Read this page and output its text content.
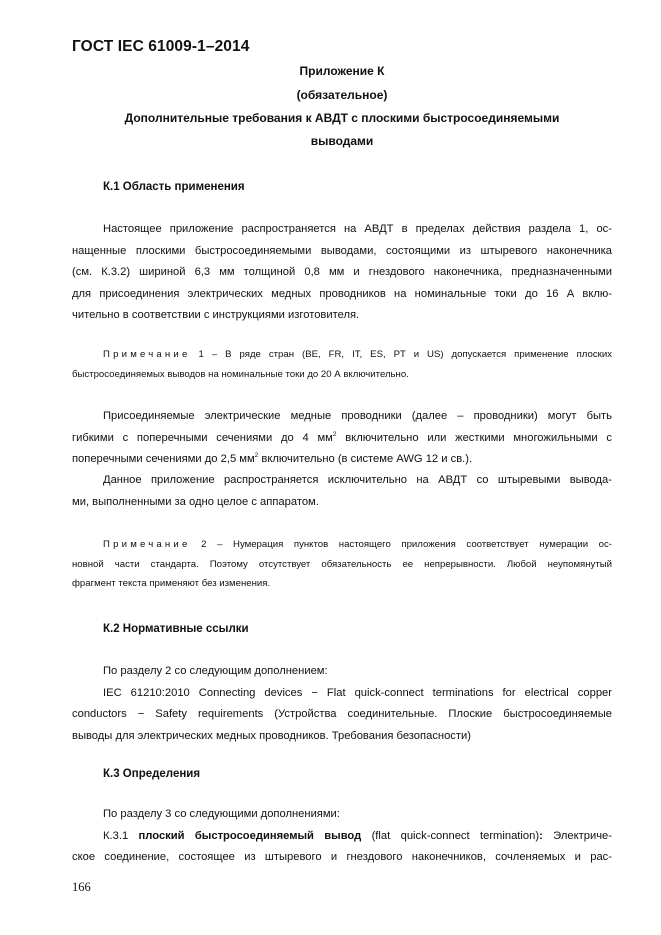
ГОСТ IEC 61009-1–2014
Приложение К
(обязательное)
Дополнительные требования к АВДТ с плоскими быстросоединяемыми
выводами
К.1 Область применения
Настоящее приложение распространяется на АВДТ в пределах действия раздела 1, ос-
нащенные плоскими быстросоединяемыми выводами, состоящими из штыревого наконечника
(см. К.3.2) шириной 6,3 мм толщиной 0,8 мм и гнездового наконечника, предназначенными
для присоединения электрических медных проводников на номинальные токи до 16 А вклю-
чительно в соответствии с инструкциями изготовителя.
Примечание 1 – В ряде стран (BE, FR, IT, ES, PT и US) допускается применение плоских
быстросоединяемых выводов на номинальные токи до 20 А включительно.
Присоединяемые электрические медные проводники (далее – проводники) могут быть
гибкими с поперечными сечениями до 4 $мм^2$ включительно или жесткими многожильными с
поперечными сечениями до 2,5 $мм^2$ включительно (в системе AWG 12 и св.).
Данное приложение распространяется исключительно на АВДТ со штыревыми вывода-
ми, выполненными за одно целое с аппаратом.
Примечание 2 – Нумерация пунктов настоящего приложения соответствует нумерации ос-
новной части стандарта. Поэтому отсутствует обязательность ее непрерывности. Любой неупомянутый
фрагмент текста применяют без изменения.
К.2 Нормативные ссылки
По разделу 2 со следующим дополнением:
IEC 61210:2010 Connecting devices − Flat quick-connect terminations for electrical copper
conductors − Safety requirements (Устройства соединительные. Плоские быстросоединяемые
выводы для электрических медных проводников. Требования безопасности)
К.3 Определения
По разделу 3 со следующими дополнениями:
К.3.1 плоский быстросоединяемый вывод (flat quick-connect termination): Электриче-
ское соединение, состоящее из штыревого и гнездового наконечников, сочленяемых и рас-
166
